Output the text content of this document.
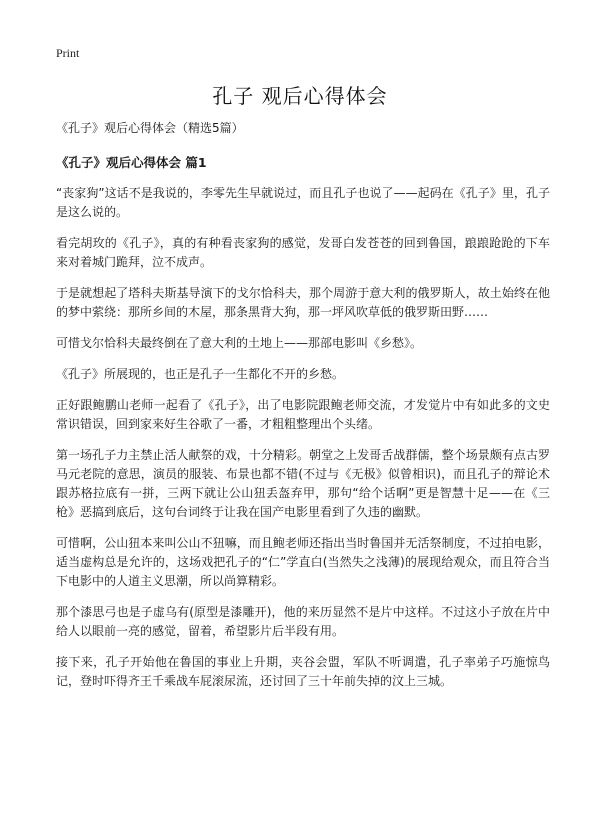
Print
孔子 观后心得体会

《孔子》观后心得体会（精选5篇）

《孔子》观后心得体会 篇1

“丧家狗”这话不是我说的，李零先生早就说过，而且孔子也说了——起码在《孔子》里，孔子是这么说的。

看完胡玫的《孔子》，真的有种看丧家狗的感觉，发哥白发苍苍的回到鲁国，踉踉跄跄的下车来对着城门跪拜，泣不成声。

于是就想起了塔科夫斯基导演下的戈尔恰科夫，那个周游于意大利的俄罗斯人，故土始终在他的梦中萦绕：那所乡间的木屋，那条黑背大狗，那一坪风吹草低的俄罗斯田野……

可惜戈尔恰科夫最终倒在了意大利的土地上——那部电影叫《乡愁》。

《孔子》所展现的，也正是孔子一生都化不开的乡愁。

正好跟鲍鹏山老师一起看了《孔子》，出了电影院跟鲍老师交流，才发觉片中有如此多的文史常识错误，回到家来好生谷歌了一番，才粗粗整理出个头绪。

第一场孔子力主禁止活人献祭的戏，十分精彩。朝堂之上发哥舌战群儒，整个场景颇有点古罗马元老院的意思，演员的服装、布景也都不错(不过与《无极》似曾相识)，而且孔子的辩论术跟苏格拉底有一拼，三两下就让公山狃丢盔弃甲，那句“给个话啊”更是智慧十足——在《三枪》恶搞到底后，这句台词终于让我在国产电影里看到了久违的幽默。

可惜啊，公山狃本来叫公山不狃嘛，而且鲍老师还指出当时鲁国并无活祭制度，不过拍电影，适当虚构总是允许的，这场戏把孔子的“仁”学直白(当然失之浅薄)的展现给观众，而且符合当下电影中的人道主义思潮，所以尚算精彩。

那个漆思弓也是子虚乌有(原型是漆雕开)，他的来历显然不是片中这样。不过这小子放在片中给人以眼前一亮的感觉，留着，希望影片后半段有用。

接下来，孔子开始他在鲁国的事业上升期，夹谷会盟，军队不听调遣，孔子率弟子巧施惊鸟记，登时吓得齐王千乘战车屁滚尿流，还讨回了三十年前失掉的汶上三城。
